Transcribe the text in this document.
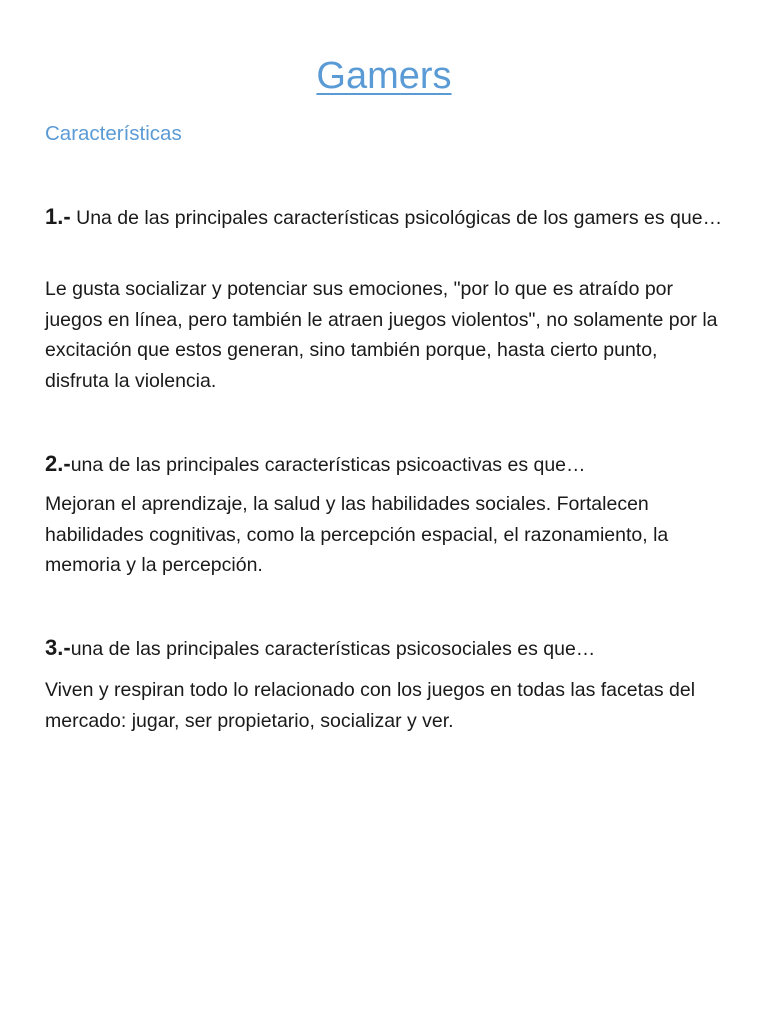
Gamers
Características

1.- Una de las principales características psicológicas de los gamers es que…

Le gusta socializar y potenciar sus emociones, "por lo que es atraído por juegos en línea, pero también le atraen juegos violentos", no solamente por la excitación que estos generan, sino también porque, hasta cierto punto, disfruta la violencia.

2.-una de las principales características psicoactivas es que…

Mejoran el aprendizaje, la salud y las habilidades sociales. Fortalecen habilidades cognitivas, como la percepción espacial, el razonamiento, la memoria y la percepción.

3.-una de las principales características psicosociales es que…

Viven y respiran todo lo relacionado con los juegos en todas las facetas del mercado: jugar, ser propietario, socializar y ver.
